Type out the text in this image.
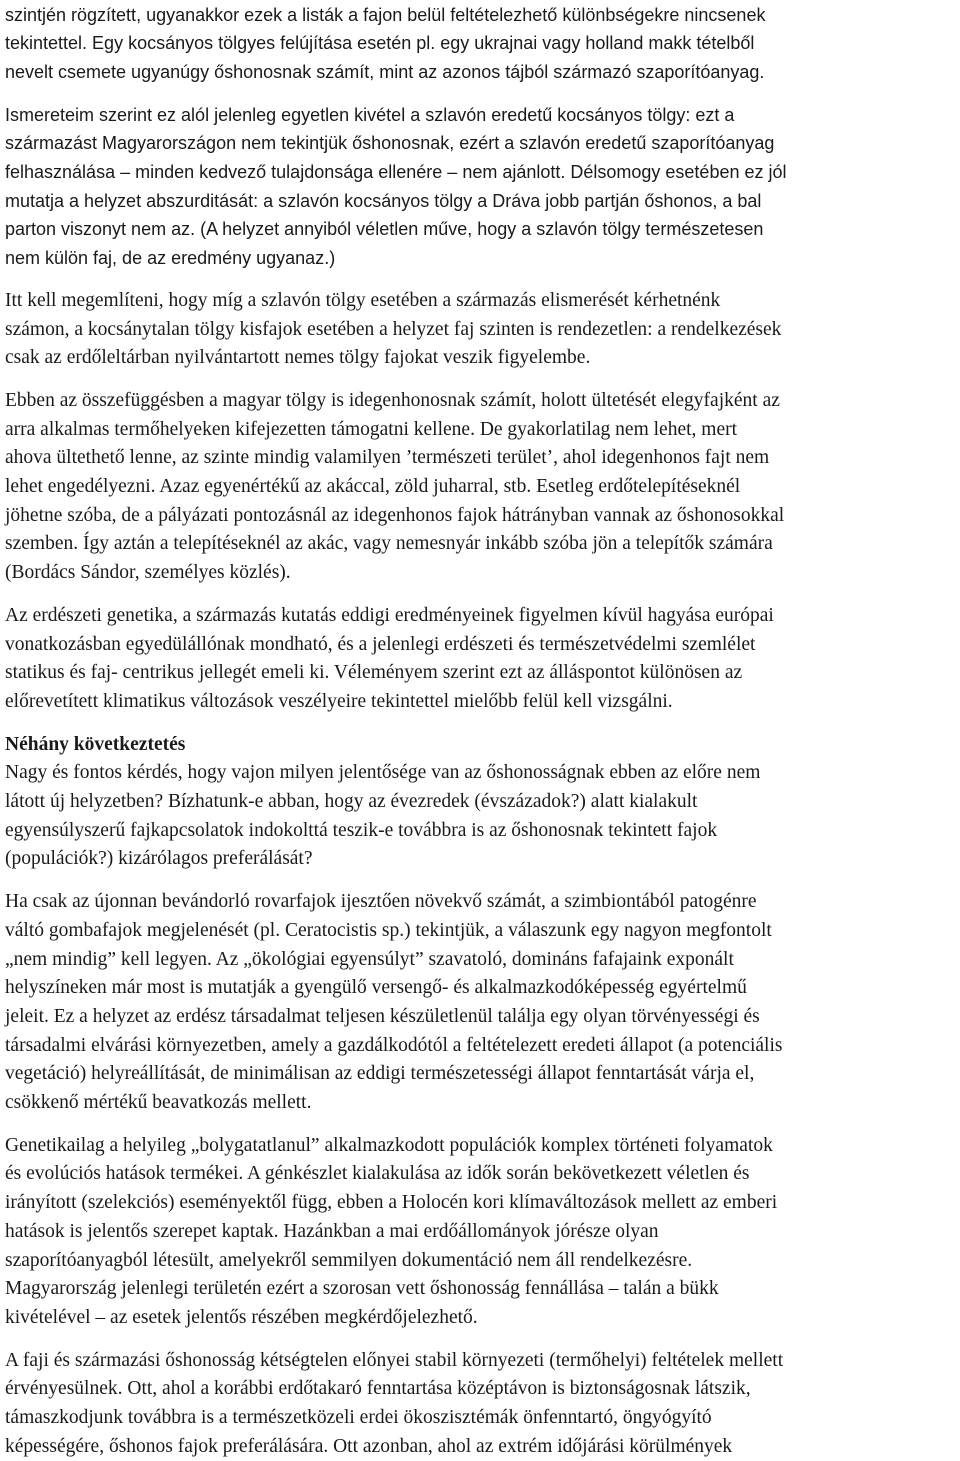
szintjén rögzített, ugyanakkor ezek a listák a fajon belül feltételezhető különbségekre nincsenek
tekintettel. Egy kocsányos tölgyes felújítása esetén pl. egy ukrajnai vagy holland makk tételből
nevelt csemete ugyanúgy őshonosnak számít, mint az azonos tájból származó szaporítóanyag.
Ismereteim szerint ez alól jelenleg egyetlen kivétel a szlavón eredetű kocsányos tölgy: ezt a
származást Magyarországon nem tekintjük őshonosnak, ezért a szlavón eredetű szaporítóanyag
felhasználása – minden kedvező tulajdonsága ellenére – nem ajánlott. Délsomogy esetében ez jól
mutatja a helyzet abszurditását: a szlavón kocsányos tölgy a Dráva jobb partján őshonos, a bal
parton viszonyt nem az. (A helyzet annyiból véletlen műve, hogy a szlavón tölgy természetesen
nem külön faj, de az eredmény ugyanaz.)
Itt kell megemlíteni, hogy míg a szlavón tölgy esetében a származás elismerését kérhetnénk
számon, a kocsánytalan tölgy kisfajok esetében a helyzet faj szinten is rendezetlen: a rendelkezések
csak az erdőleltárban nyilvántartott nemes tölgy fajokat veszik figyelembe.
Ebben az összefüggésben a magyar tölgy is idegenhonosnak számít, holott ültetését elegyfajként az
arra alkalmas termőhelyeken kifejezetten támogatni kellene. De gyakorlatilag nem lehet, mert
ahova ültethető lenne, az szinte mindig valamilyen ’természeti terület’, ahol idegenhonos fajt nem
lehet engedélyezni. Azaz egyenértékű az akáccal, zöld juharral, stb. Esetleg erdőtelepítéseknél
jöhetne szóba, de a pályázati pontozásnál az idegenhonos fajok hátrányban vannak az őshonosokkal
szemben. Így aztán a telepítéseknél az akác, vagy nemesnyár inkább szóba jön a telepítők számára
(Bordács Sándor, személyes közlés).
Az erdészeti genetika, a származás kutatás eddigi eredményeinek figyelmen kívül hagyása európai
vonatkozásban egyedülállónak mondható, és a jelenlegi erdészeti és természetvédelmi szemlélet
statikus és faj- centrikus jellegét emeli ki. Véleményem szerint ezt az álláspontot különösen az
előrevetített klimatikus változások veszélyeire tekintettel mielőbb felül kell vizsgálni.
Néhány következtetés
Nagy és fontos kérdés, hogy vajon milyen jelentősége van az őshonosságnak ebben az előre nem
látott új helyzetben? Bízhatunk-e abban, hogy az évezredek (évszázadok?) alatt kialakult
egyensúlyszerű fajkapcsolatok indokolttá teszik-e továbbra is az őshonosnak tekintett fajok
(populációk?) kizárólagos preferálását?
Ha csak az újonnan bevándorló rovarfajok ijesztően növekvő számát, a szimbiontából patogénre
váltó gombafajok megjelenését (pl. Ceratocistis sp.) tekintjük, a válaszunk egy nagyon megfontolt
„nem mindig” kell legyen. Az „ökológiai egyensúlyt” szavatoló, domináns fafajaink exponált
helyszíneken már most is mutatják a gyengülő versengő- és alkalmazkodóképesség egyértelmű
jeleit. Ez a helyzet az erdész társadalmat teljesen készületlenül találja egy olyan törvényességi és
társadalmi elvárási környezetben, amely a gazdálkodótól a feltételezett eredeti állapot (a potenciális
vegetáció) helyreállítását, de minimálisan az eddigi természetességi állapot fenntartását várja el,
csökkenő mértékű beavatkozás mellett.
Genetikailag a helyileg „bolygatatlanul” alkalmazkodott populációk komplex történeti folyamatok
és evolúciós hatások termékei. A génkészlet kialakulása az idők során bekövetkezett véletlen és
irányított (szelekciós) eseményektől függ, ebben a Holocén kori klímaváltozások mellett az emberi
hatások is jelentős szerepet kaptak. Hazánkban a mai erdőállományok jórésze olyan
szaporítóanyagból létesült, amelyekről semmilyen dokumentáció nem áll rendelkezésre.
Magyarország jelenlegi területén ezért a szorosan vett őshonosság fennállása – talán a bükk
kivételével – az esetek jelentős részében megkérdőjelezhető.
A faji és származási őshonosság kétségtelen előnyei stabil környezeti (termőhelyi) feltételek mellett
érvényesülnek. Ott, ahol a korábbi erdőtakaró fenntartása középtávon is biztonságosnak látszik,
támaszkodjunk továbbra is a természetközeli erdei ökoszisztémák önfenntartó, öngyógyító
képességére, őshonos fajok preferálására. Ott azonban, ahol az extrém időjárási körülmények
